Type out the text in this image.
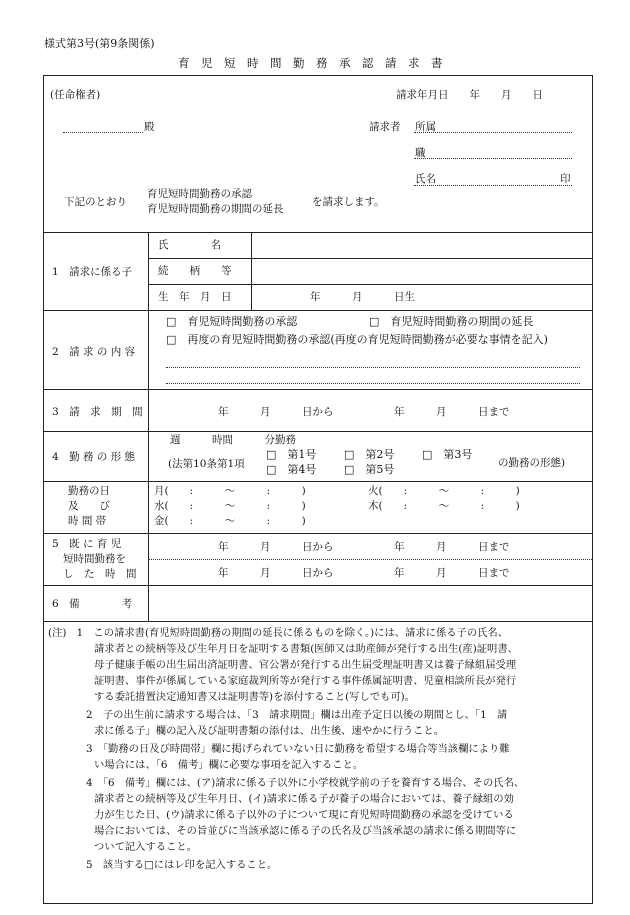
様式第3号(第9条関係)
育　児　短　時　間　勤　務　承　認　請　求　書
(任命権者)	請求年月日　　年　　月　　日
殿	請求者 所属
職
氏名	印
下記のとおり
育児短時間勤務の承認
育児短時間勤務の期間の延長
を請求します。
1　請求に係る子
氏　　　　名
続　　柄　　等
生　年　月　日	年　　　月　　　日生
2　請 求 の 内 容
□　育児短時間勤務の承認	□　育児短時間勤務の期間の延長
□　再度の育児短時間勤務の承認(再度の育児短時間勤務が必要な事情を記入)
3　請　求　期　間	年　　　月　　　日から	年　　　月　　　日まで
4　勤 務 の 形 態
週　　　時間　　　分勤務
(法第10条第1項
□　第1号	□　第2号	□　第3号
□　第4号	□　第5号	の勤務の形態)
勤務の日
及　　び
時 間 帯
月(　　:　　　〜　　　:　　　)	火(　　:　　　〜　　　:　　　)
水(　　:　　　〜　　　:　　　)	木(　　:　　　〜　　　:　　　)
金(　　:　　　〜　　　:　　　)
5　既 に 育 児
短時間勤務を
し　た　時　間
年　　　月　　　日から	年　　　月　　　日まで
年　　　月　　　日から	年　　　月　　　日まで
6　備　　　　考
(注)　1　この請求書(育児短時間勤務の期間の延長に係るものを除く。)には、請求に係る子の氏名、
請求者との続柄等及び生年月日を証明する書類(医師又は助産師が発行する出生(産)証明書、
母子健康手帳の出生届出済証明書、官公署が発行する出生届受理証明書又は養子縁組届受理
証明書、事件が係属している家庭裁判所等が発行する事件係属証明書、児童相談所長が発行
する委託措置決定通知書又は証明書等)を添付すること(写しでも可)。
2　子の出生前に請求する場合は、「3　請求期間」欄は出産予定日以後の期間とし、「1　請
求に係る子」欄の記入及び証明書類の添付は、出生後、速やかに行うこと。
3　「勤務の日及び時間帯」欄に掲げられていない日に勤務を希望する場合等当該欄により難
い場合には、「6　備考」欄に必要な事項を記入すること。
4　「6　備考」欄には、(ア)請求に係る子以外に小学校就学前の子を養育する場合、その氏名、
請求者との続柄等及び生年月日、(イ)請求に係る子が養子の場合においては、養子縁組の効
力が生じた日、(ウ)請求に係る子以外の子について現に育児短時間勤務の承認を受けている
場合においては、その旨並びに当該承認に係る子の氏名及び当該承認の請求に係る期間等に
ついて記入すること。
5　該当する□にはレ印を記入すること。
